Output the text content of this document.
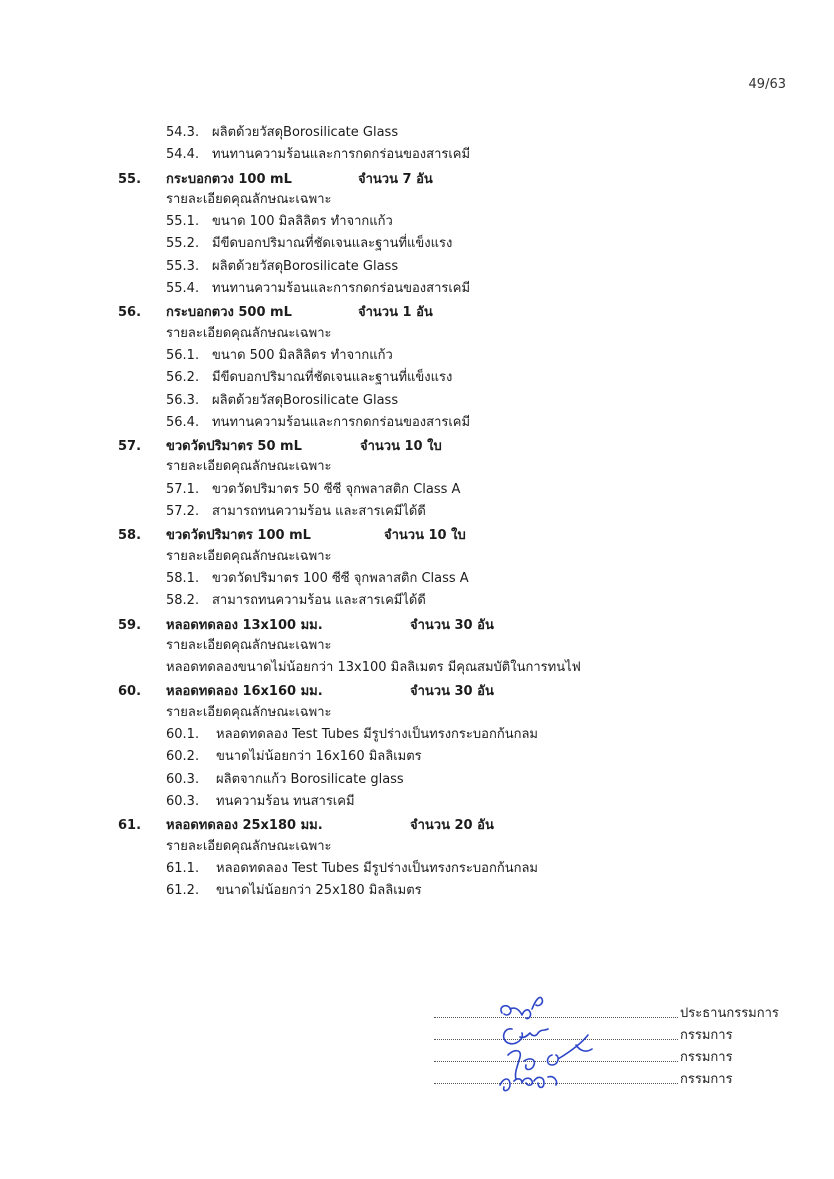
49/63
54.3. ผลิตด้วยวัสดุBorosilicate Glass
54.4. ทนทานความร้อนและการกดกร่อนของสารเคมี
55. กระบอกตวง 100 mL	จำนวน 7 อัน
รายละเอียดคุณลักษณะเฉพาะ
55.1. ขนาด 100 มิลลิลิตร ทำจากแก้ว
55.2. มีขีดบอกปริมาณที่ชัดเจนและฐานที่แข็งแรง
55.3. ผลิตด้วยวัสดุBorosilicate Glass
55.4. ทนทานความร้อนและการกดกร่อนของสารเคมี
56. กระบอกตวง 500 mL	จำนวน 1 อัน
รายละเอียดคุณลักษณะเฉพาะ
56.1. ขนาด 500 มิลลิลิตร ทำจากแก้ว
56.2. มีขีดบอกปริมาณที่ชัดเจนและฐานที่แข็งแรง
56.3. ผลิตด้วยวัสดุBorosilicate Glass
56.4. ทนทานความร้อนและการกดกร่อนของสารเคมี
57. ขวดวัดปริมาตร 50 mL	จำนวน 10 ใบ
รายละเอียดคุณลักษณะเฉพาะ
57.1. ขวดวัดปริมาตร 50 ซีซี จุกพลาสติก Class A
57.2. สามารถทนความร้อน และสารเคมีได้ดี
58. ขวดวัดปริมาตร 100 mL	จำนวน 10 ใบ
รายละเอียดคุณลักษณะเฉพาะ
58.1. ขวดวัดปริมาตร 100 ซีซี จุกพลาสติก Class A
58.2. สามารถทนความร้อน และสารเคมีได้ดี
59. หลอดทดลอง 13x100 มม.	จำนวน 30 อัน
รายละเอียดคุณลักษณะเฉพาะ
หลอดทดลองขนาดไม่น้อยกว่า 13x100 มิลลิเมตร มีคุณสมบัติในการทนไฟ
60. หลอดทดลอง 16x160 มม.	จำนวน 30 อัน
รายละเอียดคุณลักษณะเฉพาะ
60.1. หลอดทดลอง Test Tubes มีรูปร่างเป็นทรงกระบอกก้นกลม
60.2. ขนาดไม่น้อยกว่า 16x160 มิลลิเมตร
60.3. ผลิตจากแก้ว Borosilicate glass
60.3. ทนความร้อน ทนสารเคมี
61. หลอดทดลอง 25x180 มม.	จำนวน 20 อัน
รายละเอียดคุณลักษณะเฉพาะ
61.1. หลอดทดลอง Test Tubes มีรูปร่างเป็นทรงกระบอกก้นกลม
61.2. ขนาดไม่น้อยกว่า 25x180 มิลลิเมตร
ประธานกรรมการ
กรรมการ
กรรมการ
กรรมการ
